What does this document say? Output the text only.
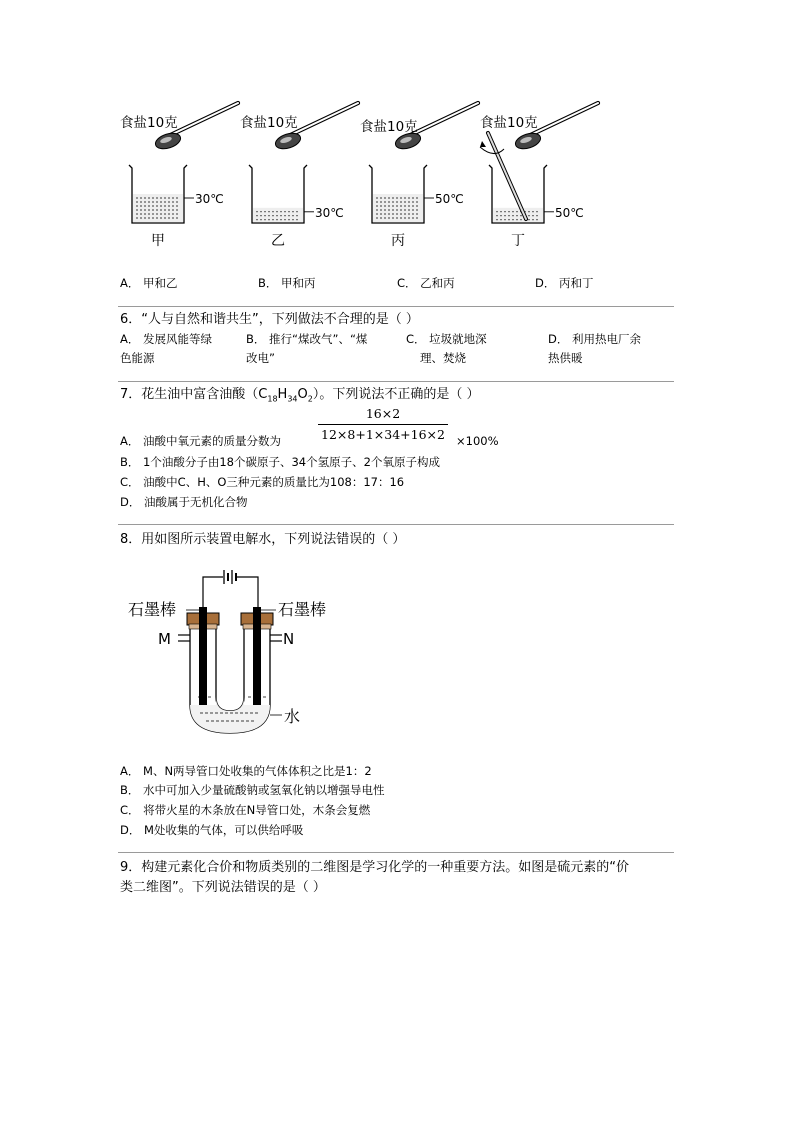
食盐10克
30℃
甲
食盐10克
30℃
乙
食盐10克
50℃
丙
食盐10克
50℃
丁
A． 甲和乙	B． 甲和丙	C． 乙和丙	D． 丙和丁
6．“人与自然和谐共生”，下列做法不合理的是（ ）
A． 发展风能等绿
色能源
B． 推行“煤改气”、“煤
改电”
C． 垃圾就地深
理、焚烧
D． 利用热电厂余
热供暖
7．花生油中富含油酸$(C_{18}H_{34}O_2)$。下列说法不正确的是（ ）
16×2
12×8+1×34+16×2
A． 油酸中氧元素的质量分数为	×100%
B． 1个油酸分子由18个碳原子、34个氢原子、2个氧原子构成
C． 油酸中C、H、O三种元素的质量比为108：17：16
D． 油酸属于无机化合物
8．用如图所示装置电解水，下列说法错误的（ ）
石墨棒	石墨棒
M	N
水
A． M、N两导管口处收集的气体体积之比是1：2
B． 水中可加入少量硫酸钠或氢氧化钠以增强导电性
C． 将带火星的木条放在N导管口处，木条会复燃
D． M处收集的气体，可以供给呼吸
9．构建元素化合价和物质类别的二维图是学习化学的一种重要方法。如图是硫元素的“价
类二维图”。下列说法错误的是（ ）
